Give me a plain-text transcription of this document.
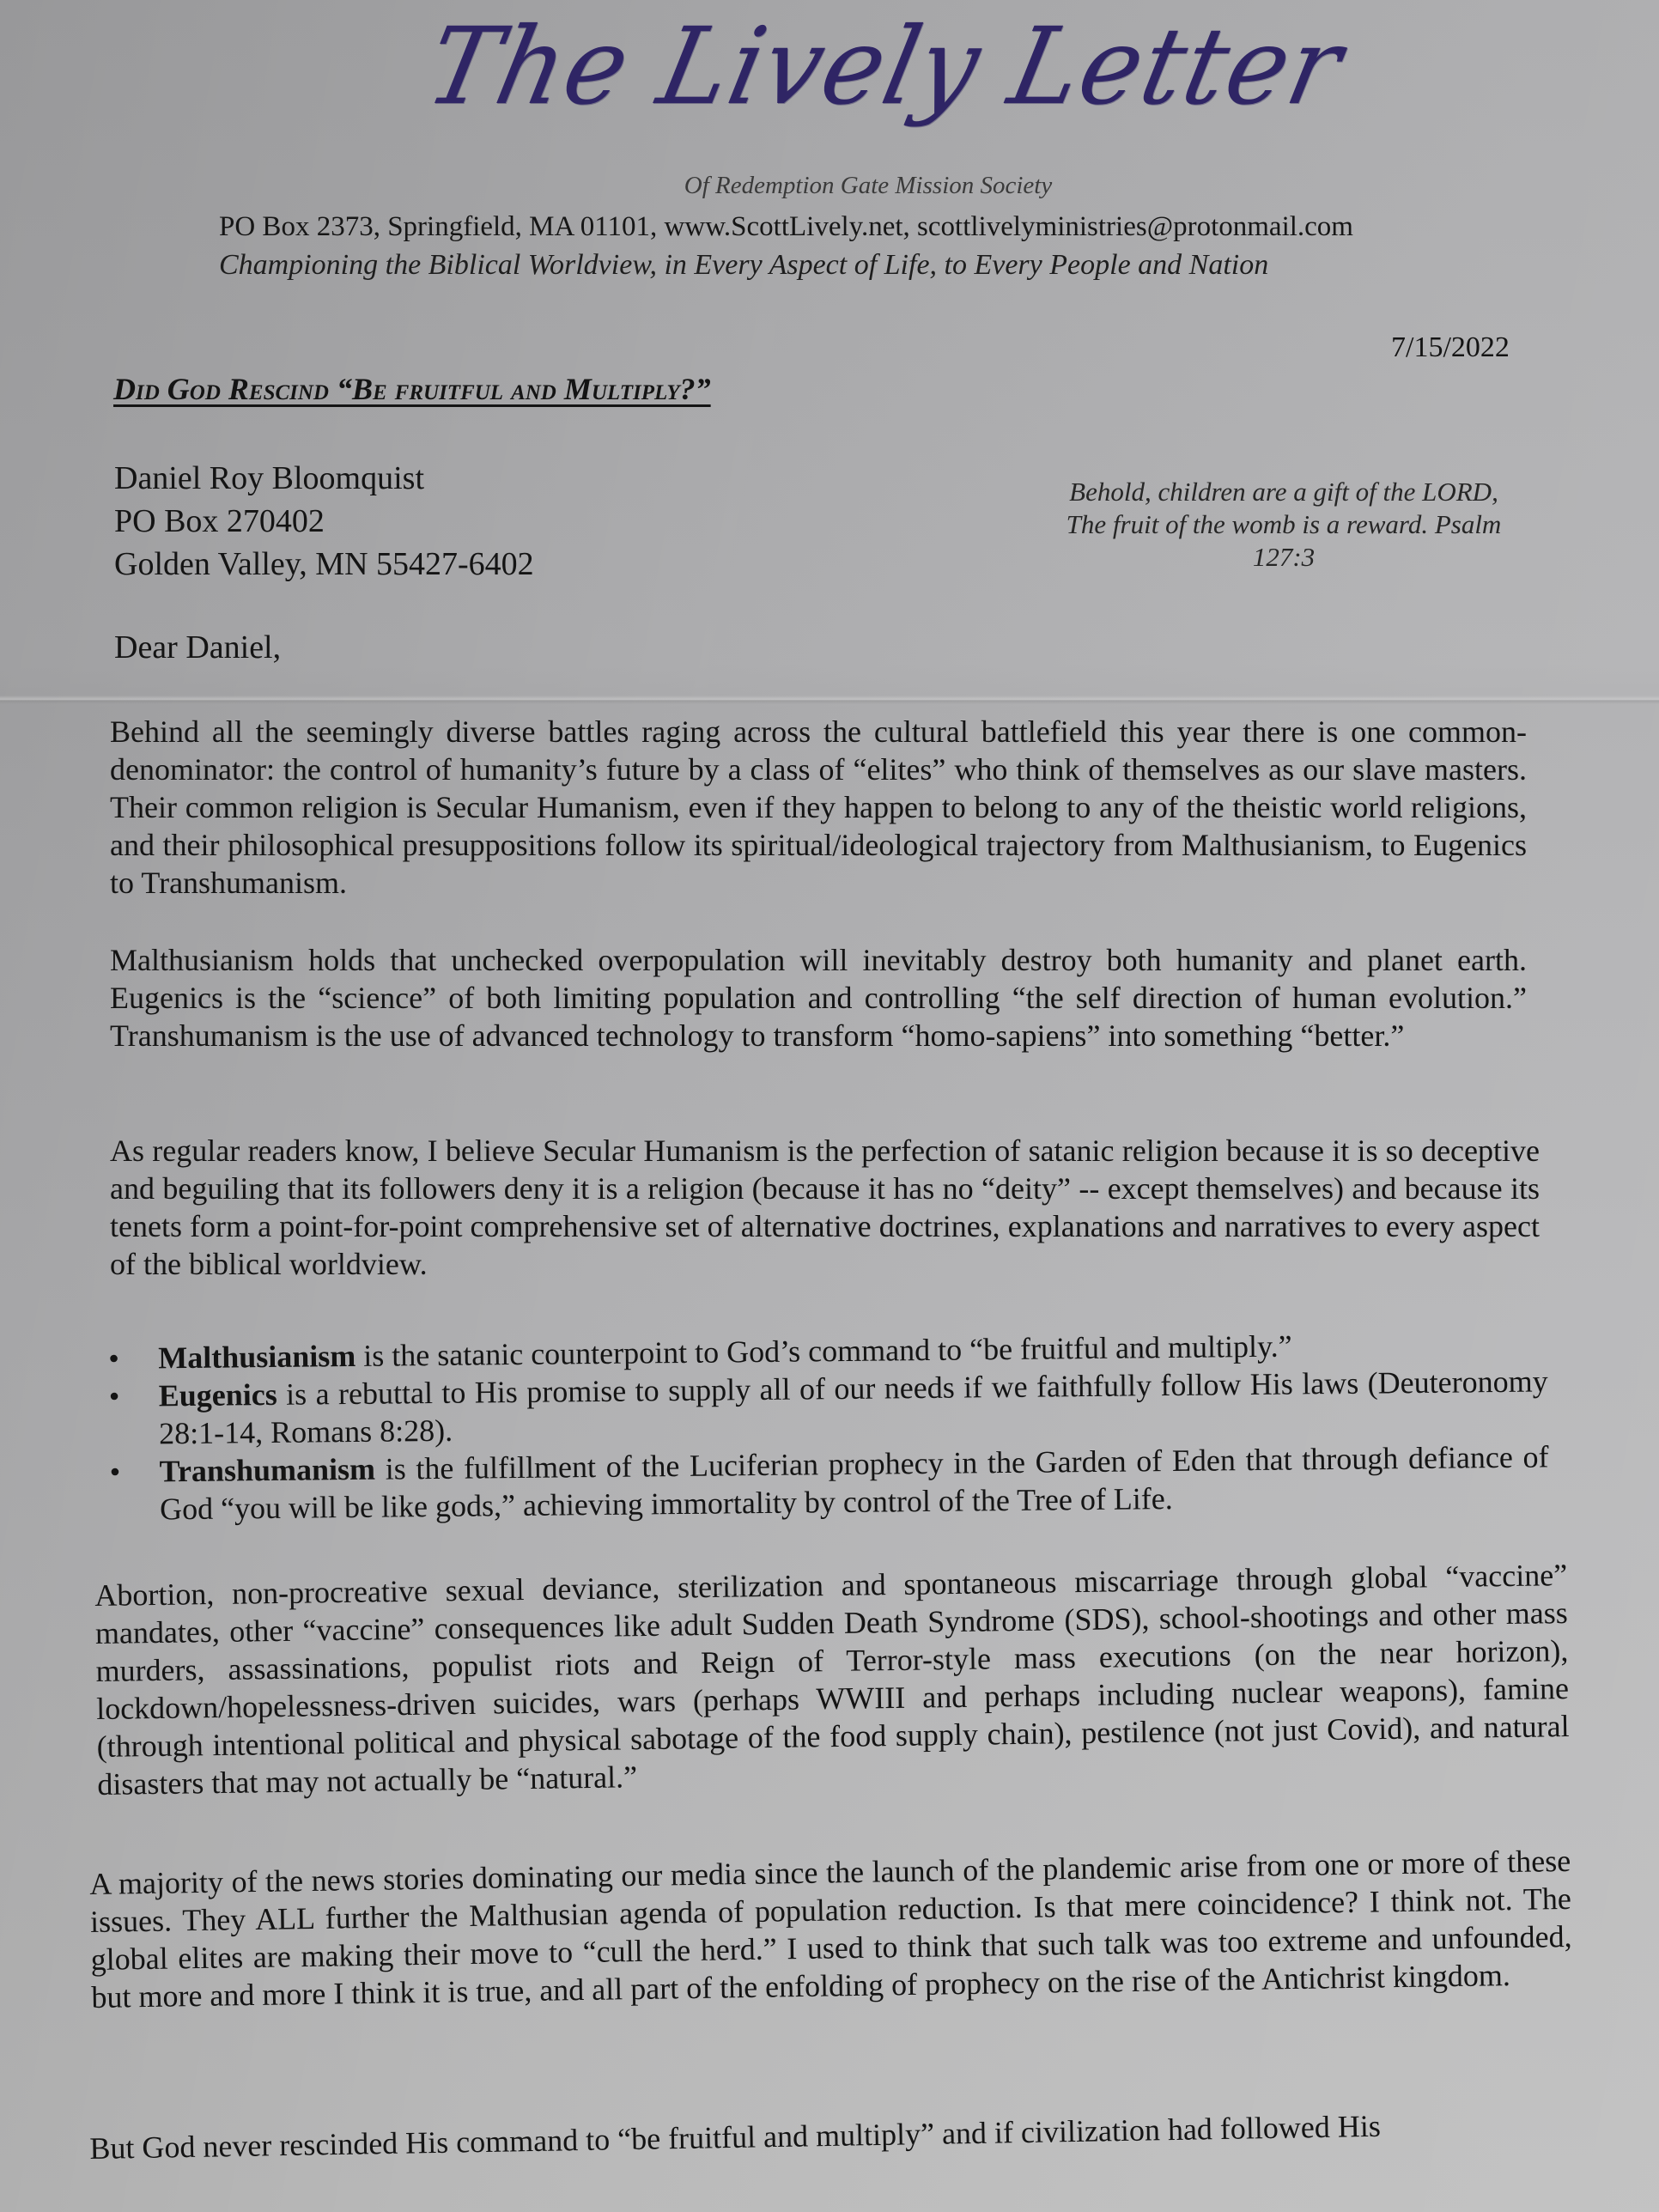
The Lively Letter
Of Redemption Gate Mission Society
PO Box 2373, Springfield, MA 01101, www.ScottLively.net, scottlivelyministries@protonmail.com
Championing the Biblical Worldview, in Every Aspect of Life, to Every People and Nation
7/15/2022
Did God Rescind “Be fruitful and Multiply?”
Daniel Roy Bloomquist
PO Box 270402
Golden Valley, MN 55427-6402
Behold, children are a gift of the LORD, The fruit of the womb is a reward. Psalm 127:3
Dear Daniel,

Behind all the seemingly diverse battles raging across the cultural battlefield this year there is one common-denominator: the control of humanity’s future by a class of “elites” who think of themselves as our slave masters. Their common religion is Secular Humanism, even if they happen to belong to any of the theistic world religions, and their philosophical presuppositions follow its spiritual/ideological trajectory from Malthusianism, to Eugenics to Transhumanism.

Malthusianism holds that unchecked overpopulation will inevitably destroy both humanity and planet earth. Eugenics is the “science” of both limiting population and controlling “the self direction of human evolution.” Transhumanism is the use of advanced technology to transform “homo-sapiens” into something “better.”

As regular readers know, I believe Secular Humanism is the perfection of satanic religion because it is so deceptive and beguiling that its followers deny it is a religion (because it has no “deity” -- except themselves) and because its tenets form a point-for-point comprehensive set of alternative doctrines, explanations and narratives to every aspect of the biblical worldview.

• Malthusianism is the satanic counterpoint to God’s command to “be fruitful and multiply.”
• Eugenics is a rebuttal to His promise to supply all of our needs if we faithfully follow His laws (Deuteronomy 28:1-14, Romans 8:28).
• Transhumanism is the fulfillment of the Luciferian prophecy in the Garden of Eden that through defiance of God “you will be like gods,” achieving immortality by control of the Tree of Life.

Abortion, non-procreative sexual deviance, sterilization and spontaneous miscarriage through global “vaccine” mandates, other “vaccine” consequences like adult Sudden Death Syndrome (SDS), school-shootings and other mass murders, assassinations, populist riots and Reign of Terror-style mass executions (on the near horizon), lockdown/hopelessness-driven suicides, wars (perhaps WWIII and perhaps including nuclear weapons), famine (through intentional political and physical sabotage of the food supply chain), pestilence (not just Covid), and natural disasters that may not actually be “natural.”

A majority of the news stories dominating our media since the launch of the plandemic arise from one or more of these issues. They ALL further the Malthusian agenda of population reduction. Is that mere coincidence? I think not. The global elites are making their move to “cull the herd.” I used to think that such talk was too extreme and unfounded, but more and more I think it is true, and all part of the enfolding of prophecy on the rise of the Antichrist kingdom.

But God never rescinded His command to “be fruitful and multiply” and if civilization had followed His
